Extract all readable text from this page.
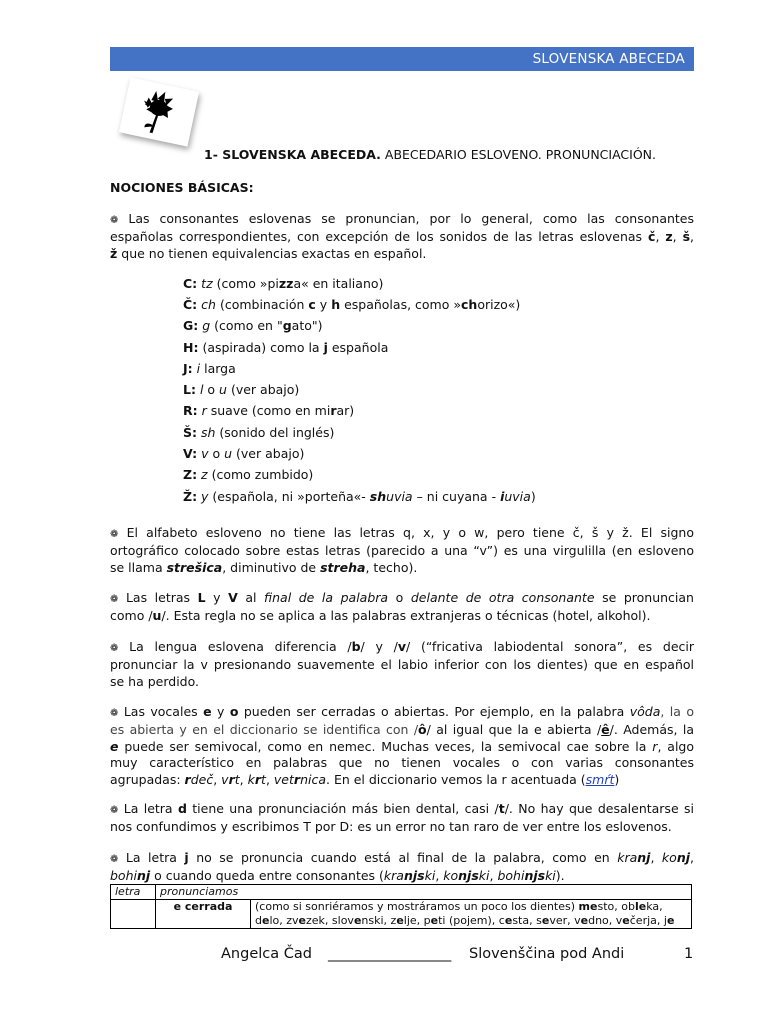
SLOVENSKA ABECEDA
1- SLOVENSKA ABECEDA. ABECEDARIO ESLOVENO. PRONUNCIACIÓN.
NOCIONES BÁSICAS:
❁ Las consonantes eslovenas se pronuncian, por lo general, como las consonantes
españolas correspondientes, con excepción de los sonidos de las letras eslovenas č, z, š,
ž que no tienen equivalencias exactas en español.
C: tz (como »pizza« en italiano)
Č: ch (combinación c y h españolas, como »chorizo«)
G: g (como en "gato")
H: (aspirada) como la j española
J: i larga
L: l o u (ver abajo)
R: r suave (como en mirar)
Š: sh (sonido del inglés)
V: v o u (ver abajo)
Z: z (como zumbido)
Ž: y (española, ni »porteña«- shuvia – ni cuyana - iuvia)
❁ El alfabeto esloveno no tiene las letras q, x, y o w, pero tiene č, š y ž. El signo
ortográfico colocado sobre estas letras (parecido a una “v”) es una virgulilla (en esloveno
se llama strešica, diminutivo de streha, techo).
❁ Las letras L y V al final de la palabra o delante de otra consonante se pronuncian
como /u/. Esta regla no se aplica a las palabras extranjeras o técnicas (hotel, alkohol).
❁ La lengua eslovena diferencia /b/ y /v/ (“fricativa labiodental sonora”, es decir
pronunciar la v presionando suavemente el labio inferior con los dientes) que en español
se ha perdido.
❁ Las vocales e y o pueden ser cerradas o abiertas. Por ejemplo, en la palabra vôda, la o
es abierta y en el diccionario se identifica con /ô/ al igual que la e abierta /ê/. Además, la
e puede ser semivocal, como en nemec. Muchas veces, la semivocal cae sobre la r, algo
muy característico en palabras que no tienen vocales o con varias consonantes
agrupadas: rdeč, vrt, krt, vetrnica. En el diccionario vemos la r acentuada (smŕt)
❁ La letra d tiene una pronunciación más bien dental, casi /t/. No hay que desalentarse si
nos confundimos y escribimos T por D: es un error no tan raro de ver entre los eslovenos.
❁ La letra j no se pronuncia cuando está al final de la palabra, como en kranj, konj,
bohinj o cuando queda entre consonantes (kranjski, konjski, bohinjski).
letra	pronunciamos	
	e cerrada	(como si sonriéramos y mostráramos un poco los dientes) mesto, obleka,
delo, zvezek, slovenski, zelje, peti (pojem), cesta, sever, vedno, večerja, je
Angelca Čad _________________ Slovenščina pod Andi	1
